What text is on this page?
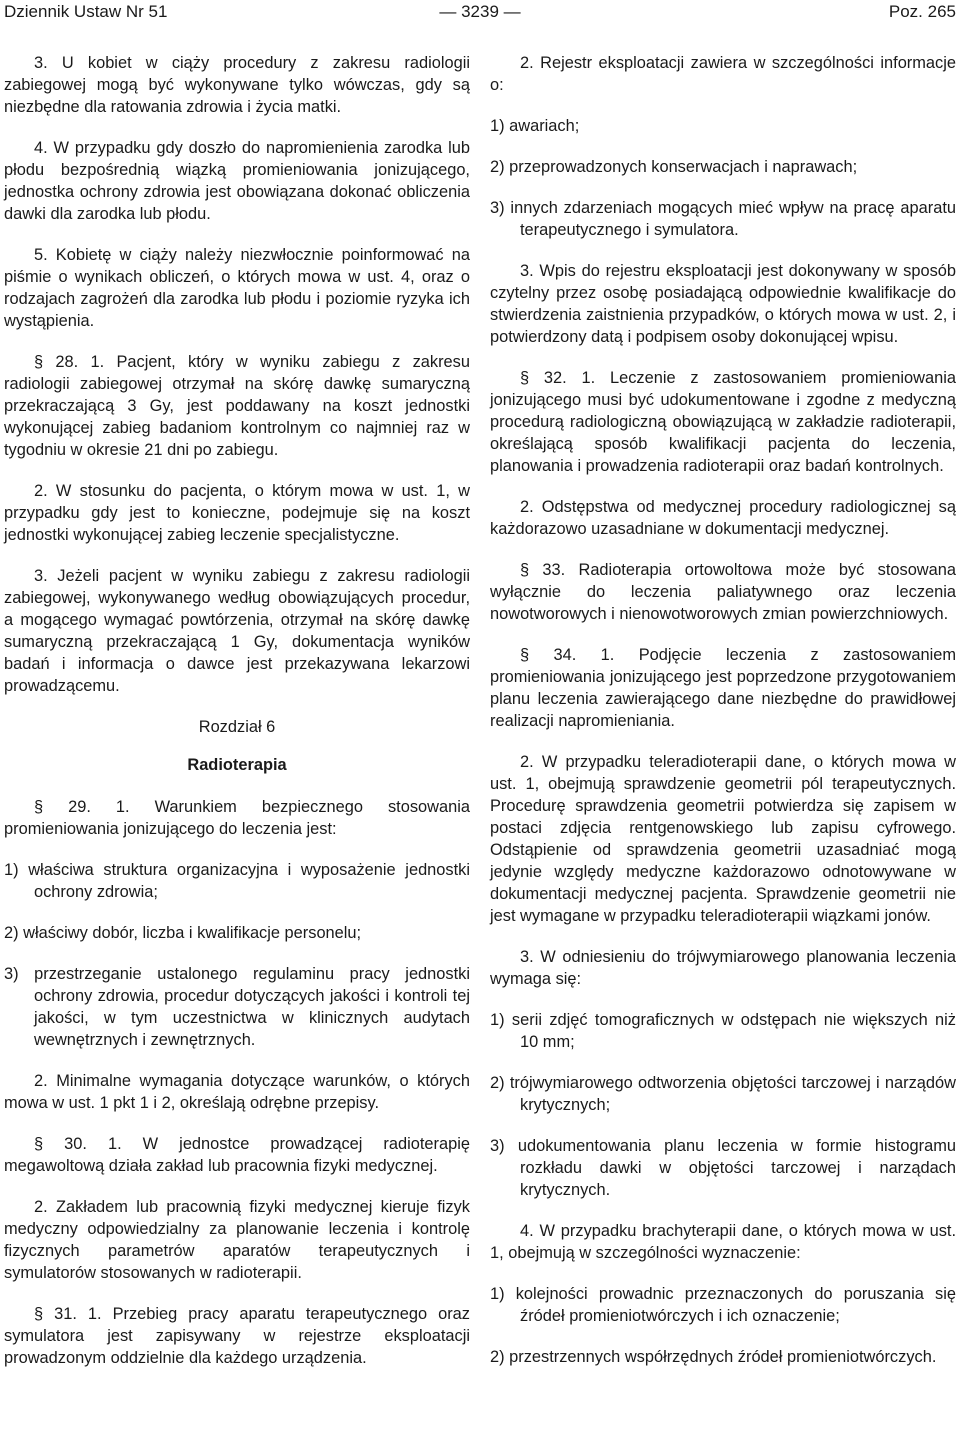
— 3239 —
Dziennik Ustaw Nr 51	Poz. 265

3. U kobiet w ciąży procedury z zakresu radiologii zabiegowej mogą być wykonywane tylko wówczas, gdy są niezbędne dla ratowania zdrowia i życia matki.

4. W przypadku gdy doszło do napromienienia zarodka lub płodu bezpośrednią wiązką promieniowania jonizującego, jednostka ochrony zdrowia jest obowiązana dokonać obliczenia dawki dla zarodka lub płodu.

5. Kobietę w ciąży należy niezwłocznie poinformować na piśmie o wynikach obliczeń, o których mowa w ust. 4, oraz o rodzajach zagrożeń dla zarodka lub płodu i poziomie ryzyka ich wystąpienia.

§ 28. 1. Pacjent, który w wyniku zabiegu z zakresu radiologii zabiegowej otrzymał na skórę dawkę sumaryczną przekraczającą 3 Gy, jest poddawany na koszt jednostki wykonującej zabieg badaniom kontrolnym co najmniej raz w tygodniu w okresie 21 dni po zabiegu.

2. W stosunku do pacjenta, o którym mowa w ust. 1, w przypadku gdy jest to konieczne, podejmuje się na koszt jednostki wykonującej zabieg leczenie specjalistyczne.

3. Jeżeli pacjent w wyniku zabiegu z zakresu radiologii zabiegowej, wykonywanego według obowiązujących procedur, a mogącego wymagać powtórzenia, otrzymał na skórę dawkę sumaryczną przekraczającą 1 Gy, dokumentacja wyników badań i informacja o dawce jest przekazywana lekarzowi prowadzącemu.

Rozdział 6
Radioterapia

§ 29. 1. Warunkiem bezpiecznego stosowania promieniowania jonizującego do leczenia jest:

1) właściwa struktura organizacyjna i wyposażenie jednostki ochrony zdrowia;

2) właściwy dobór, liczba i kwalifikacje personelu;

3) przestrzeganie ustalonego regulaminu pracy jednostki ochrony zdrowia, procedur dotyczących jakości i kontroli tej jakości, w tym uczestnictwa w klinicznych audytach wewnętrznych i zewnętrznych.

2. Minimalne wymagania dotyczące warunków, o których mowa w ust. 1 pkt 1 i 2, określają odrębne przepisy.

§ 30. 1. W jednostce prowadzącej radioterapię megawoltową działa zakład lub pracownia fizyki medycznej.

2. Zakładem lub pracownią fizyki medycznej kieruje fizyk medyczny odpowiedzialny za planowanie leczenia i kontrolę fizycznych parametrów aparatów terapeutycznych i symulatorów stosowanych w radioterapii.

§ 31. 1. Przebieg pracy aparatu terapeutycznego oraz symulatora jest zapisywany w rejestrze eksploatacji prowadzonym oddzielnie dla każdego urządzenia.

2. Rejestr eksploatacji zawiera w szczególności informacje o:

1) awariach;

2) przeprowadzonych konserwacjach i naprawach;

3) innych zdarzeniach mogących mieć wpływ na pracę aparatu terapeutycznego i symulatora.

3. Wpis do rejestru eksploatacji jest dokonywany w sposób czytelny przez osobę posiadającą odpowiednie kwalifikacje do stwierdzenia zaistnienia przypadków, o których mowa w ust. 2, i potwierdzony datą i podpisem osoby dokonującej wpisu.

§ 32. 1. Leczenie z zastosowaniem promieniowania jonizującego musi być udokumentowane i zgodne z medyczną procedurą radiologiczną obowiązującą w zakładzie radioterapii, określającą sposób kwalifikacji pacjenta do leczenia, planowania i prowadzenia radioterapii oraz badań kontrolnych.

2. Odstępstwa od medycznej procedury radiologicznej są każdorazowo uzasadniane w dokumentacji medycznej.

§ 33. Radioterapia ortowoltowa może być stosowana wyłącznie do leczenia paliatywnego oraz leczenia nowotworowych i nienowotworowych zmian powierzchniowych.

§ 34. 1. Podjęcie leczenia z zastosowaniem promieniowania jonizującego jest poprzedzone przygotowaniem planu leczenia zawierającego dane niezbędne do prawidłowej realizacji napromieniania.

2. W przypadku teleradioterapii dane, o których mowa w ust. 1, obejmują sprawdzenie geometrii pól terapeutycznych. Procedurę sprawdzenia geometrii potwierdza się zapisem w postaci zdjęcia rentgenowskiego lub zapisu cyfrowego. Odstąpienie od sprawdzenia geometrii uzasadniać mogą jedynie względy medyczne każdorazowo odnotowywane w dokumentacji medycznej pacjenta. Sprawdzenie geometrii nie jest wymagane w przypadku teleradioterapii wiązkami jonów.

3. W odniesieniu do trójwymiarowego planowania leczenia wymaga się:

1) serii zdjęć tomograficznych w odstępach nie większych niż 10 mm;

2) trójwymiarowego odtworzenia objętości tarczowej i narządów krytycznych;

3) udokumentowania planu leczenia w formie histogramu rozkładu dawki w objętości tarczowej i narządach krytycznych.

4. W przypadku brachyterapii dane, o których mowa w ust. 1, obejmują w szczególności wyznaczenie:

1) kolejności prowadnic przeznaczonych do poruszania się źródeł promieniotwórczych i ich oznaczenie;

2) przestrzennych współrzędnych źródeł promieniotwórczych.
